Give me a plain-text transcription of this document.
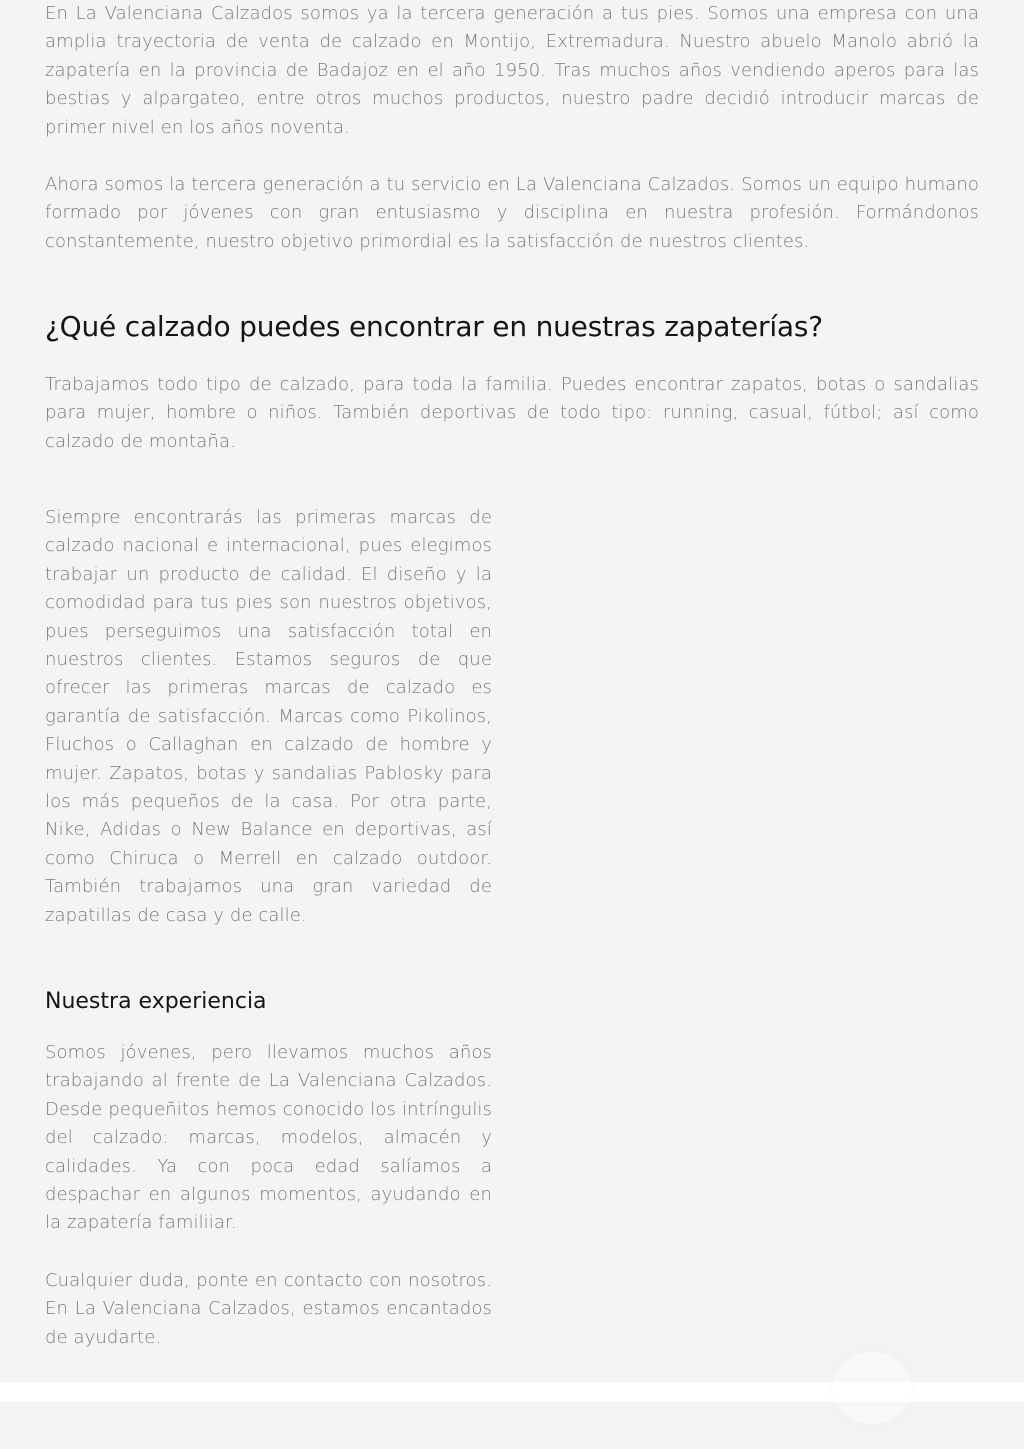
En La Valenciana Calzados somos ya la tercera generación a tus pies. Somos una empresa con una amplia trayectoria de venta de calzado en Montijo, Extremadura. Nuestro abuelo Manolo abrió la zapatería en la provincia de Badajoz en el año 1950. Tras muchos años vendiendo aperos para las bestias y alpargateo, entre otros muchos productos, nuestro padre decidió introducir marcas de primer nivel en los años noventa.

Ahora somos la tercera generación a tu servicio en La Valenciana Calzados. Somos un equipo humano formado por jóvenes con gran entusiasmo y disciplina en nuestra profesión. Formándonos constantemente, nuestro objetivo primordial es la satisfacción de nuestros clientes.

¿Qué calzado puedes encontrar en nuestras zapaterías?

Trabajamos todo tipo de calzado, para toda la familia. Puedes encontrar zapatos, botas o sandalias para mujer, hombre o niños. También deportivas de todo tipo: running, casual, fútbol; así como calzado de montaña.

Siempre encontrarás las primeras marcas de calzado nacional e internacional, pues elegimos trabajar un producto de calidad. El diseño y la comodidad para tus pies son nuestros objetivos, pues perseguimos una satisfacción total en nuestros clientes. Estamos seguros de que ofrecer las primeras marcas de calzado es garantía de satisfacción. Marcas como Pikolinos, Fluchos o Callaghan en calzado de hombre y mujer. Zapatos, botas y sandalias Pablosky para los más pequeños de la casa. Por otra parte, Nike, Adidas o New Balance en deportivas, así como Chiruca o Merrell en calzado outdoor. También trabajamos una gran variedad de zapatillas de casa y de calle.

Nuestra experiencia

Somos jóvenes, pero llevamos muchos años trabajando al frente de La Valenciana Calzados. Desde pequeñitos hemos conocido los intríngulis del calzado: marcas, modelos, almacén y calidades. Ya con poca edad salíamos a despachar en algunos momentos, ayudando en la zapatería familiiar.

Cualquier duda, ponte en contacto con nosotros. En La Valenciana Calzados, estamos encantados de ayudarte.
